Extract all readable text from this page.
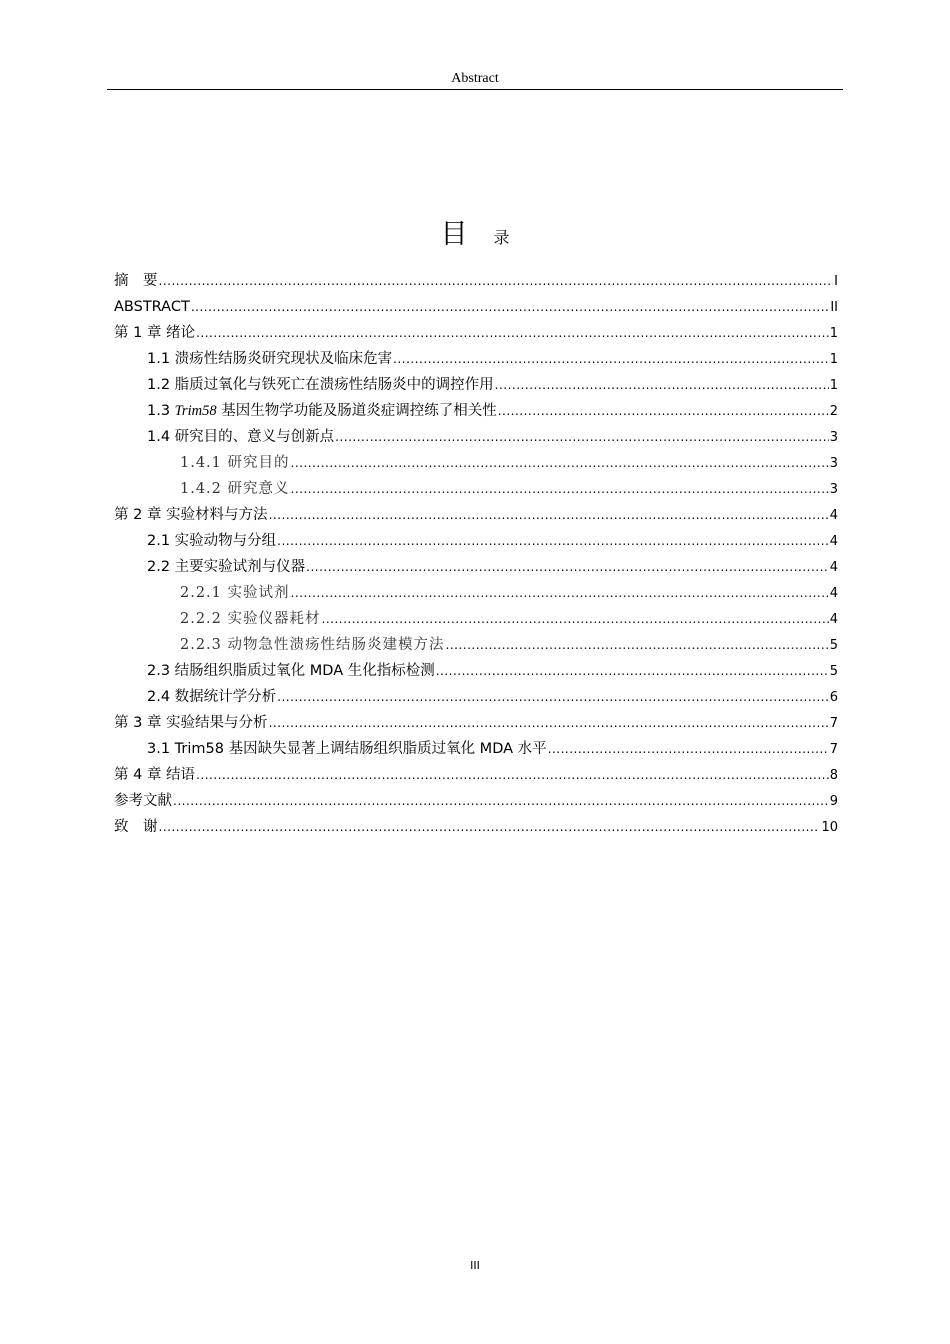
Abstract
目 录
摘　要 .....	I
ABSTRACT .....	II
第 1 章 绪论 .....	1
1.1 溃疡性结肠炎研究现状及临床危害 .....	1
1.2 脂质过氧化与铁死亡在溃疡性结肠炎中的调控作用 .....	1
1.3 Trim58 基因生物学功能及肠道炎症调控练了相关性 .....	2
1.4 研究目的、意义与创新点 .....	3
1.4.1 研究目的 .....	3
1.4.2 研究意义 .....	3
第 2 章 实验材料与方法 .....	4
2.1 实验动物与分组 .....	4
2.2 主要实验试剂与仪器 .....	4
2.2.1 实验试剂 .....	4
2.2.2 实验仪器耗材 .....	4
2.2.3 动物急性溃疡性结肠炎建模方法 .....	5
2.3 结肠组织脂质过氧化 MDA 生化指标检测 .....	5
2.4 数据统计学分析 .....	6
第 3 章 实验结果与分析 .....	7
3.1 Trim58 基因缺失显著上调结肠组织脂质过氧化 MDA 水平 .....	7
第 4 章 结语 .....	8
参考文献 .....	9
致　谢 .....	10
III
